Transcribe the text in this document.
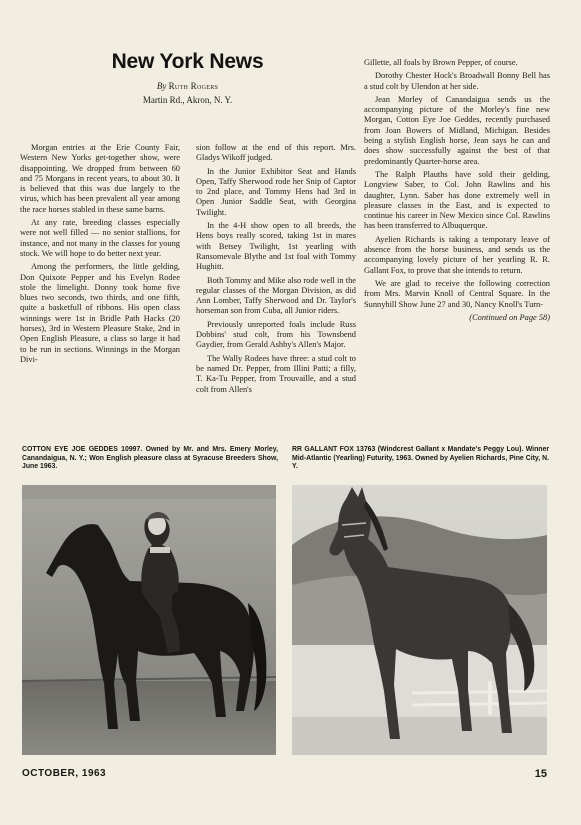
New York News
By Ruth Rogers
Martin Rd., Akron, N. Y.

Morgan entries at the Erie County Fair, Western New Yorks get-together show, were disappointing. We dropped from between 60 and 75 Morgans in recent years, to about 30. It is believed that this was due largely to the virus, which has been prevalent all year among the race horses stabled in these same barns.

At any rate, breeding classes especially were not well filled — no senior stallions, for instance, and not many in the classes for young stock. We will hope to do better next year.

Among the performers, the little gelding, Don Quixote Pepper and his Evelyn Rodee stole the limelight. Donny took home five blues two seconds, two thirds, and one fifth, quite a basketfull of ribbons. His open class winnings were 1st in Bridle Path Hacks (20 horses), 3rd in Western Pleasure Stake, 2nd in Open English Pleasure, a class so large it had to be run in sections. Winnings in the Morgan Divi-

sion follow at the end of this report. Mrs. Gladys Wikoff judged.

In the Junior Exhibitor Seat and Hands Open, Taffy Sherwood rode her Snip of Captor to 2nd place, and Tommy Hens had 3rd in Open Junior Saddle Seat, with Georgina Twilight.

In the 4-H show open to all breeds, the Hens boys really scored, taking 1st in mares with Betsey Twilight, 1st yearling with Ransomevale Blythe and 1st foal with Tommy Hughitt.

Both Tommy and Mike also rode well in the regular classes of the Morgan Division, as did Ann Lomber, Taffy Sherwood and Dr. Taylor's horseman son from Cuba, all Junior riders.

Previously unreported foals include Russ Dobbins' stud colt, from his Townsbend Gaydier, from Gerald Ashby's Allen's Major.

The Wally Rodees have three: a stud colt to be named Dr. Pepper, from Illini Patti; a filly, T. Ka-Tu Pepper, from Trouvaille, and a stud colt from Allen's

Gillette, all foals by Brown Pepper, of course.

Dorothy Chester Hock's Broadwall Bonny Bell has a stud colt by Ulendon at her side.

Jean Morley of Canandaigua sends us the accompanying picture of the Morley's fine new Morgan, Cotton Eye Joe Geddes, recently purchased from Joan Bowers of Midland, Michigan. Besides being a stylish English horse, Jean says he can and does show successfully against the best of that predominantly Quarter-horse area.

The Ralph Plauths have sold their gelding, Longview Saber, to Col. John Rawlins and his daughter, Lynn. Saber has done extremely well in pleasure classes in the East, and is expected to continue his career in New Mexico since Col. Rawlins has been transferred to Albuquerque.

Ayelien Richards is taking a temporary leave of absence from the horse business, and sends us the accompanying lovely picture of her yearling R. R. Gallant Fox, to prove that she intends to return.

We are glad to receive the following correction from Mrs. Marvin Knoll of Central Square. In the Sunnyhill Show June 27 and 30, Nancy Knoll's Turn-

(Continued on Page 58)

COTTON EYE JOE GEDDES 10997. Owned by Mr. and Mrs. Emery Morley, Canandaigua, N. Y.; Won English pleasure class at Syracuse Breeders Show, June 1963.
RR GALLANT FOX 13763 (Windcrest Gallant x Mandate's Peggy Lou). Winner Mid-Atlantic (Yearling) Futurity, 1963. Owned by Ayelien Richards, Pine City, N. Y.
OCTOBER, 1963	15
